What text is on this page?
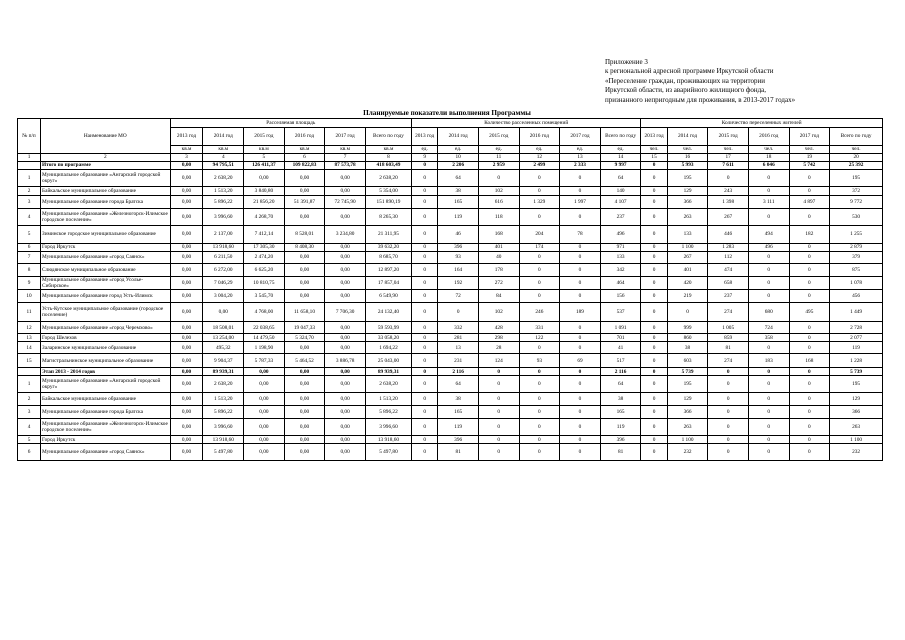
Приложение 3
к региональной адресной программе Иркутской области
«Переселение граждан, проживающих на территории
Иркутской области, из аварийного жилищного фонда,
признанного непригодным для проживания, в 2013-2017 годах»
Планируемые показатели выполнения Программы
№ п/п	Наименование МО	Расселяемая площадь						Количество расселенных помещений						Количество переселенных жителей					
		2013 год	2014 год	2015 год	2016 год	2017 год	Всего по году	2013 год	2014 год	2015 год	2016 год	2017 год	Всего по году	2013 год	2014 год	2015 год	2016 год	2017 год	Всего по году
		кв.м	кв.м	кв.м	кв.м	кв.м	кв.м	ед.	ед.	ед.	ед.	ед.	ед.	чел.	чел.	чел.	чел.	чел.	чел.
1	2	3	4	5	6	7	8	9	10	11	12	13	14	15	16	17	18	19	20
	Итого по программе	0,00	94 795,51	126 411,37	109 822,83	87 573,78	418 603,49	0	2 206	2 959	2 499	2 333	9 997	0	5 993	7 611	6 046	5 742	25 392
1	Муниципальное образование «Ангарский городской округ»	0,00	2 638,20	0,00	0,00	0,00	2 638,20	0	64	0	0	0	64	0	195	0	0	0	195
2	Байкальское муниципальное образование	0,00	1 513,20	3 840,80	0,00	0,00	5 354,00	0	38	102	0	0	140	0	129	243	0	0	372
3	Муниципальное образование города Братска	0,00	5 896,22	21 856,20	51 391,87	72 745,90	151 890,19	0	165	616	1 329	1 997	4 107	0	366	1 398	3 111	4 897	9 772
4	Муниципальное образование «Железногорск-Илимское городское поселение»	0,00	3 996,60	4 268,70	0,00	0,00	8 265,30	0	119	118	0	0	237	0	263	267	0	0	530
5	Зиминское городское муниципальное образование	0,00	2 137,00	7 412,14	8 528,01	3 234,80	21 311,95	0	46	168	204	78	496	0	133	446	494	182	1 255
6	Город Иркутск	0,00	13 918,60	17 305,30	8 408,30	0,00	39 632,20	0	396	401	174	0	971	0	1 100	1 283	496	0	2 879
7	Муниципальное образование «город Саянск»	0,00	6 211,50	2 474,20	0,00	0,00	8 685,70	0	93	40	0	0	133	0	267	112	0	0	379
8	Слюдянское муниципальное образование	0,00	6 272,00	6 625,20	0,00	0,00	12 897,20	0	164	178	0	0	342	0	401	474	0	0	875
9	Муниципальное образование «город Усолье-Сибирское»	0,00	7 046,29	10 810,75	0,00	0,00	17 857,04	0	192	272	0	0	464	0	420	658	0	0	1 078
10	Муниципальное образование город Усть-Илимск	0,00	3 004,20	3 545,70	0,00	0,00	6 549,90	0	72	84	0	0	156	0	219	237	0	0	456
11	Усть-Кутское муниципальное образование (городское поселение)	0,00	0,00	4 768,00	11 658,10	7 706,30	24 132,40	0	0	102	246	189	537	0	0	274	680	495	1 449
12	Муниципальное образование «город Черемхово»	0,00	18 508,01	22 038,65	19 047,33	0,00	59 593,99	0	332	428	331	0	1 091	0	999	1 005	724	0	2 728
13	Город Шелехов	0,00	13 254,00	14 479,50	5 324,70	0,00	33 058,20	0	281	298	122	0	701	0	860	859	358	0	2 077
14	Заларинское муниципальное образование	0,00	495,32	1 198,90	0,00	0,00	1 694,22	0	13	28	0	0	41	0	38	81	0	0	119
15	Магистральнинское муниципальное образование	0,00	9 904,37	5 787,33	5 464,52	3 886,78	25 043,00	0	231	124	93	69	517	0	603	274	183	168	1 228
	Этап 2013 - 2014 годов	0,00	89 939,31	0,00	0,00	0,00	89 939,31	0	2 116	0	0	0	2 116	0	5 739	0	0	0	5 739
1	Муниципальное образование «Ангарский городской округ»	0,00	2 638,20	0,00	0,00	0,00	2 638,20	0	64	0	0	0	64	0	195	0	0	0	195
2	Байкальское муниципальное образование	0,00	1 513,20	0,00	0,00	0,00	1 513,20	0	38	0	0	0	38	0	129	0	0	0	129
3	Муниципальное образование города Братска	0,00	5 896,22	0,00	0,00	0,00	5 896,22	0	165	0	0	0	165	0	366	0	0	0	366
4	Муниципальное образование «Железногорск-Илимское городское поселение»	0,00	3 996,60	0,00	0,00	0,00	3 996,60	0	119	0	0	0	119	0	263	0	0	0	263
5	Город Иркутск	0,00	13 918,60	0,00	0,00	0,00	13 918,60	0	396	0	0	0	396	0	1 100	0	0	0	1 100
6	Муниципальное образование «город Саянск»	0,00	5 497,80	0,00	0,00	0,00	5 497,80	0	81	0	0	0	81	0	232	0	0	0	232
